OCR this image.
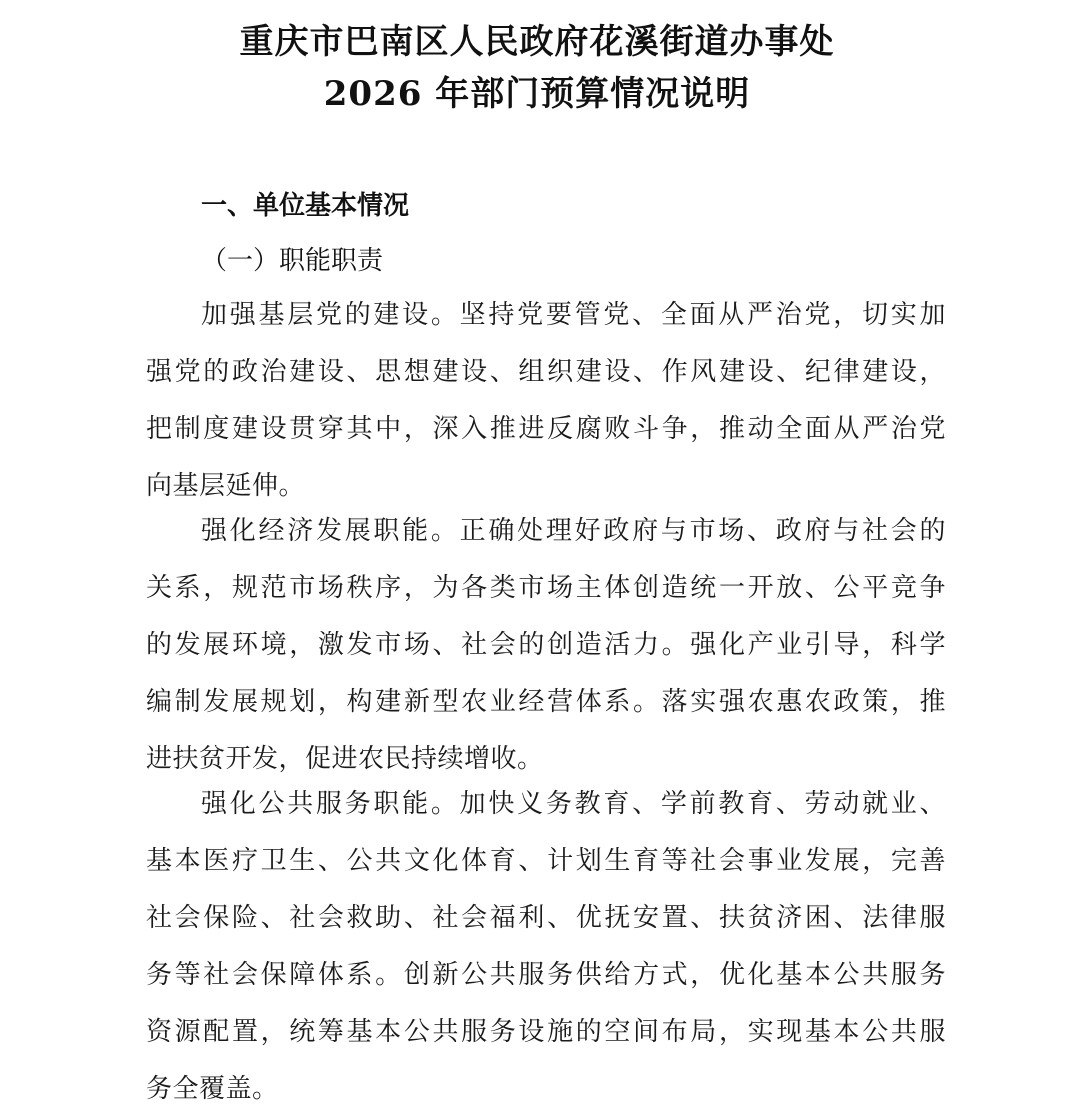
重庆市巴南区人民政府花溪街道办事处
2026 年部门预算情况说明
一、单位基本情况
（一）职能职责
加强基层党的建设。坚持党要管党、全面从严治党，切实加
强党的政治建设、思想建设、组织建设、作风建设、纪律建设，
把制度建设贯穿其中，深入推进反腐败斗争，推动全面从严治党
向基层延伸。
强化经济发展职能。正确处理好政府与市场、政府与社会的
关系，规范市场秩序，为各类市场主体创造统一开放、公平竞争
的发展环境，激发市场、社会的创造活力。强化产业引导，科学
编制发展规划，构建新型农业经营体系。落实强农惠农政策，推
进扶贫开发，促进农民持续增收。
强化公共服务职能。加快义务教育、学前教育、劳动就业、
基本医疗卫生、公共文化体育、计划生育等社会事业发展，完善
社会保险、社会救助、社会福利、优抚安置、扶贫济困、法律服
务等社会保障体系。创新公共服务供给方式，优化基本公共服务
资源配置，统筹基本公共服务设施的空间布局，实现基本公共服
务全覆盖。
